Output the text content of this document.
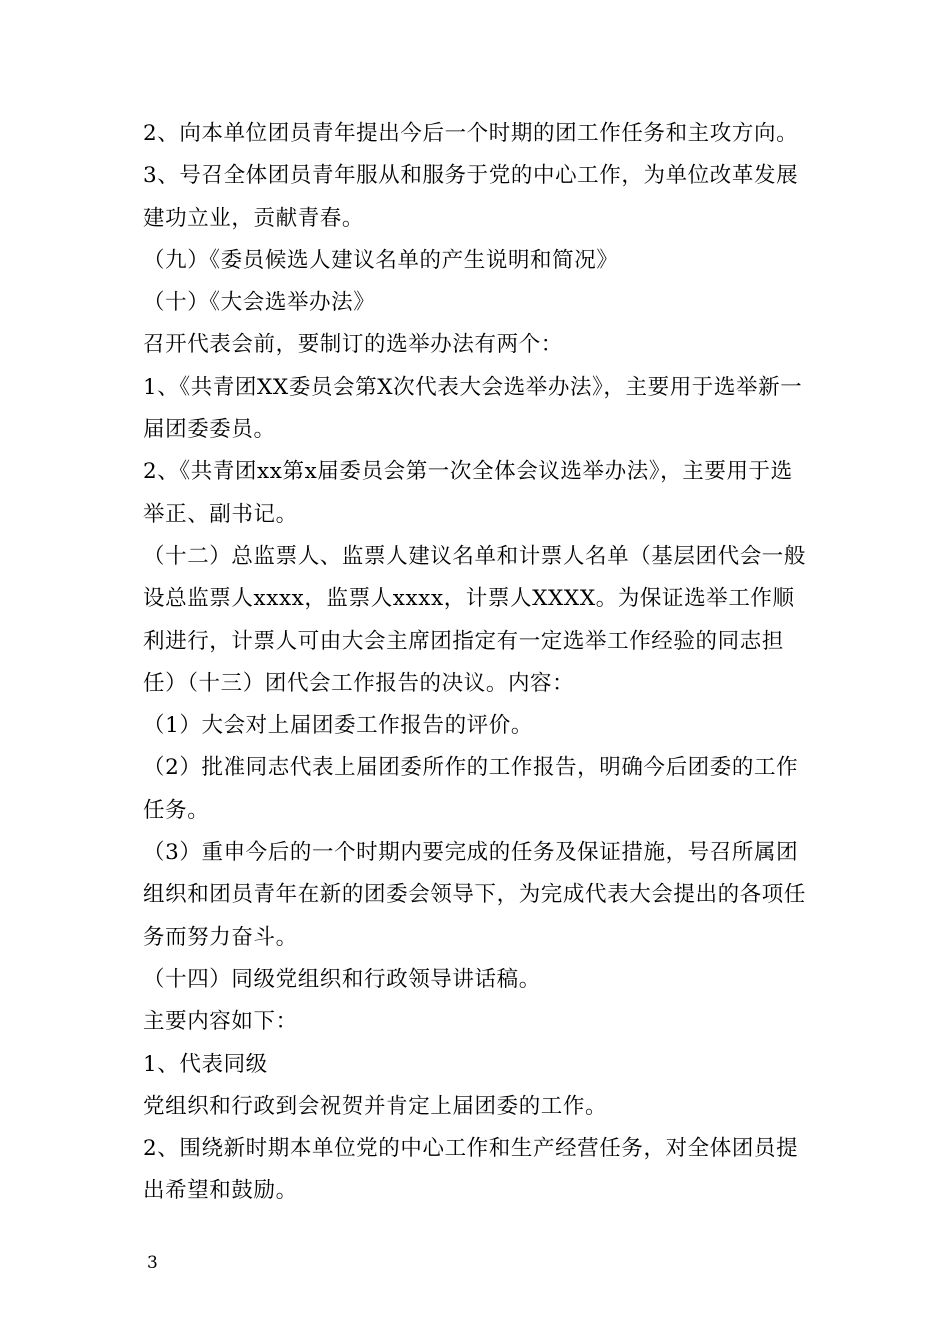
2、向本单位团员青年提出今后一个时期的团工作任务和主攻方向。

3、号召全体团员青年服从和服务于党的中心工作，为单位改革发展建功立业，贡献青春。

（九）《委员候选人建议名单的产生说明和简况》

（十）《大会选举办法》

召开代表会前，要制订的选举办法有两个：

1、《共青团XX委员会第X次代表大会选举办法》，主要用于选举新一届团委委员。

2、《共青团xx第x届委员会第一次全体会议选举办法》，主要用于选举正、副书记。

（十二）总监票人、监票人建议名单和计票人名单（基层团代会一般设总监票人xxxx，监票人xxxx，计票人XXXX。为保证选举工作顺利进行，计票人可由大会主席团指定有一定选举工作经验的同志担任）（十三）团代会工作报告的决议。内容：

（1）大会对上届团委工作报告的评价。

（2）批准同志代表上届团委所作的工作报告，明确今后团委的工作任务。

（3）重申今后的一个时期内要完成的任务及保证措施，号召所属团组织和团员青年在新的团委会领导下，为完成代表大会提出的各项任务而努力奋斗。

（十四）同级党组织和行政领导讲话稿。

主要内容如下：

1、代表同级

党组织和行政到会祝贺并肯定上届团委的工作。

2、围绕新时期本单位党的中心工作和生产经营任务，对全体团员提出希望和鼓励。

3
